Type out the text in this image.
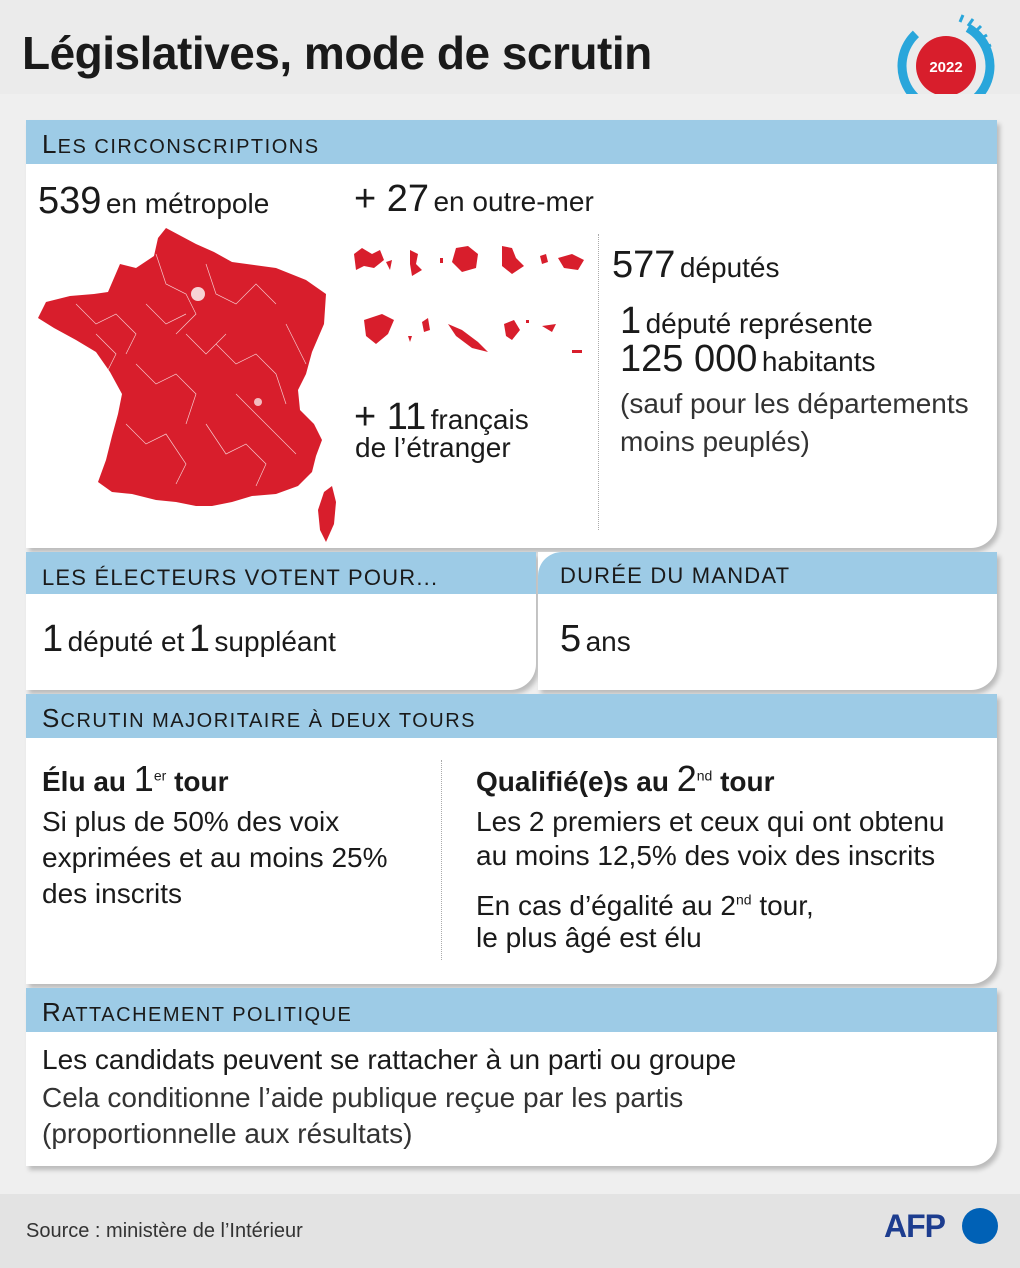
Législatives, mode de scrutin	2022
LES CIRCONSCRIPTIONS
539 en métropole + 27 en outre-mer
+ 11 français
de l’étranger
577 députés
1 député représente
125 000 habitants
(sauf pour les départements
moins peuplés)
LES ÉLECTEURS VOTENT POUR...
1 député et 1 suppléant
DURÉE DU MANDAT
5 ans
SCRUTIN MAJORITAIRE À DEUX TOURS
Élu au 1er tour
Si plus de 50% des voix
exprimées et au moins 25%
des inscrits
Qualifié(e)s au 2nd tour
Les 2 premiers et ceux qui ont obtenu
au moins 12,5% des voix des inscrits
En cas d’égalité au 2nd tour,
le plus âgé est élu
RATTACHEMENT POLITIQUE
Les candidats peuvent se rattacher à un parti ou groupe
Cela conditionne l’aide publique reçue par les partis
(proportionnelle aux résultats)
Source : ministère de l’Intérieur	AFP
